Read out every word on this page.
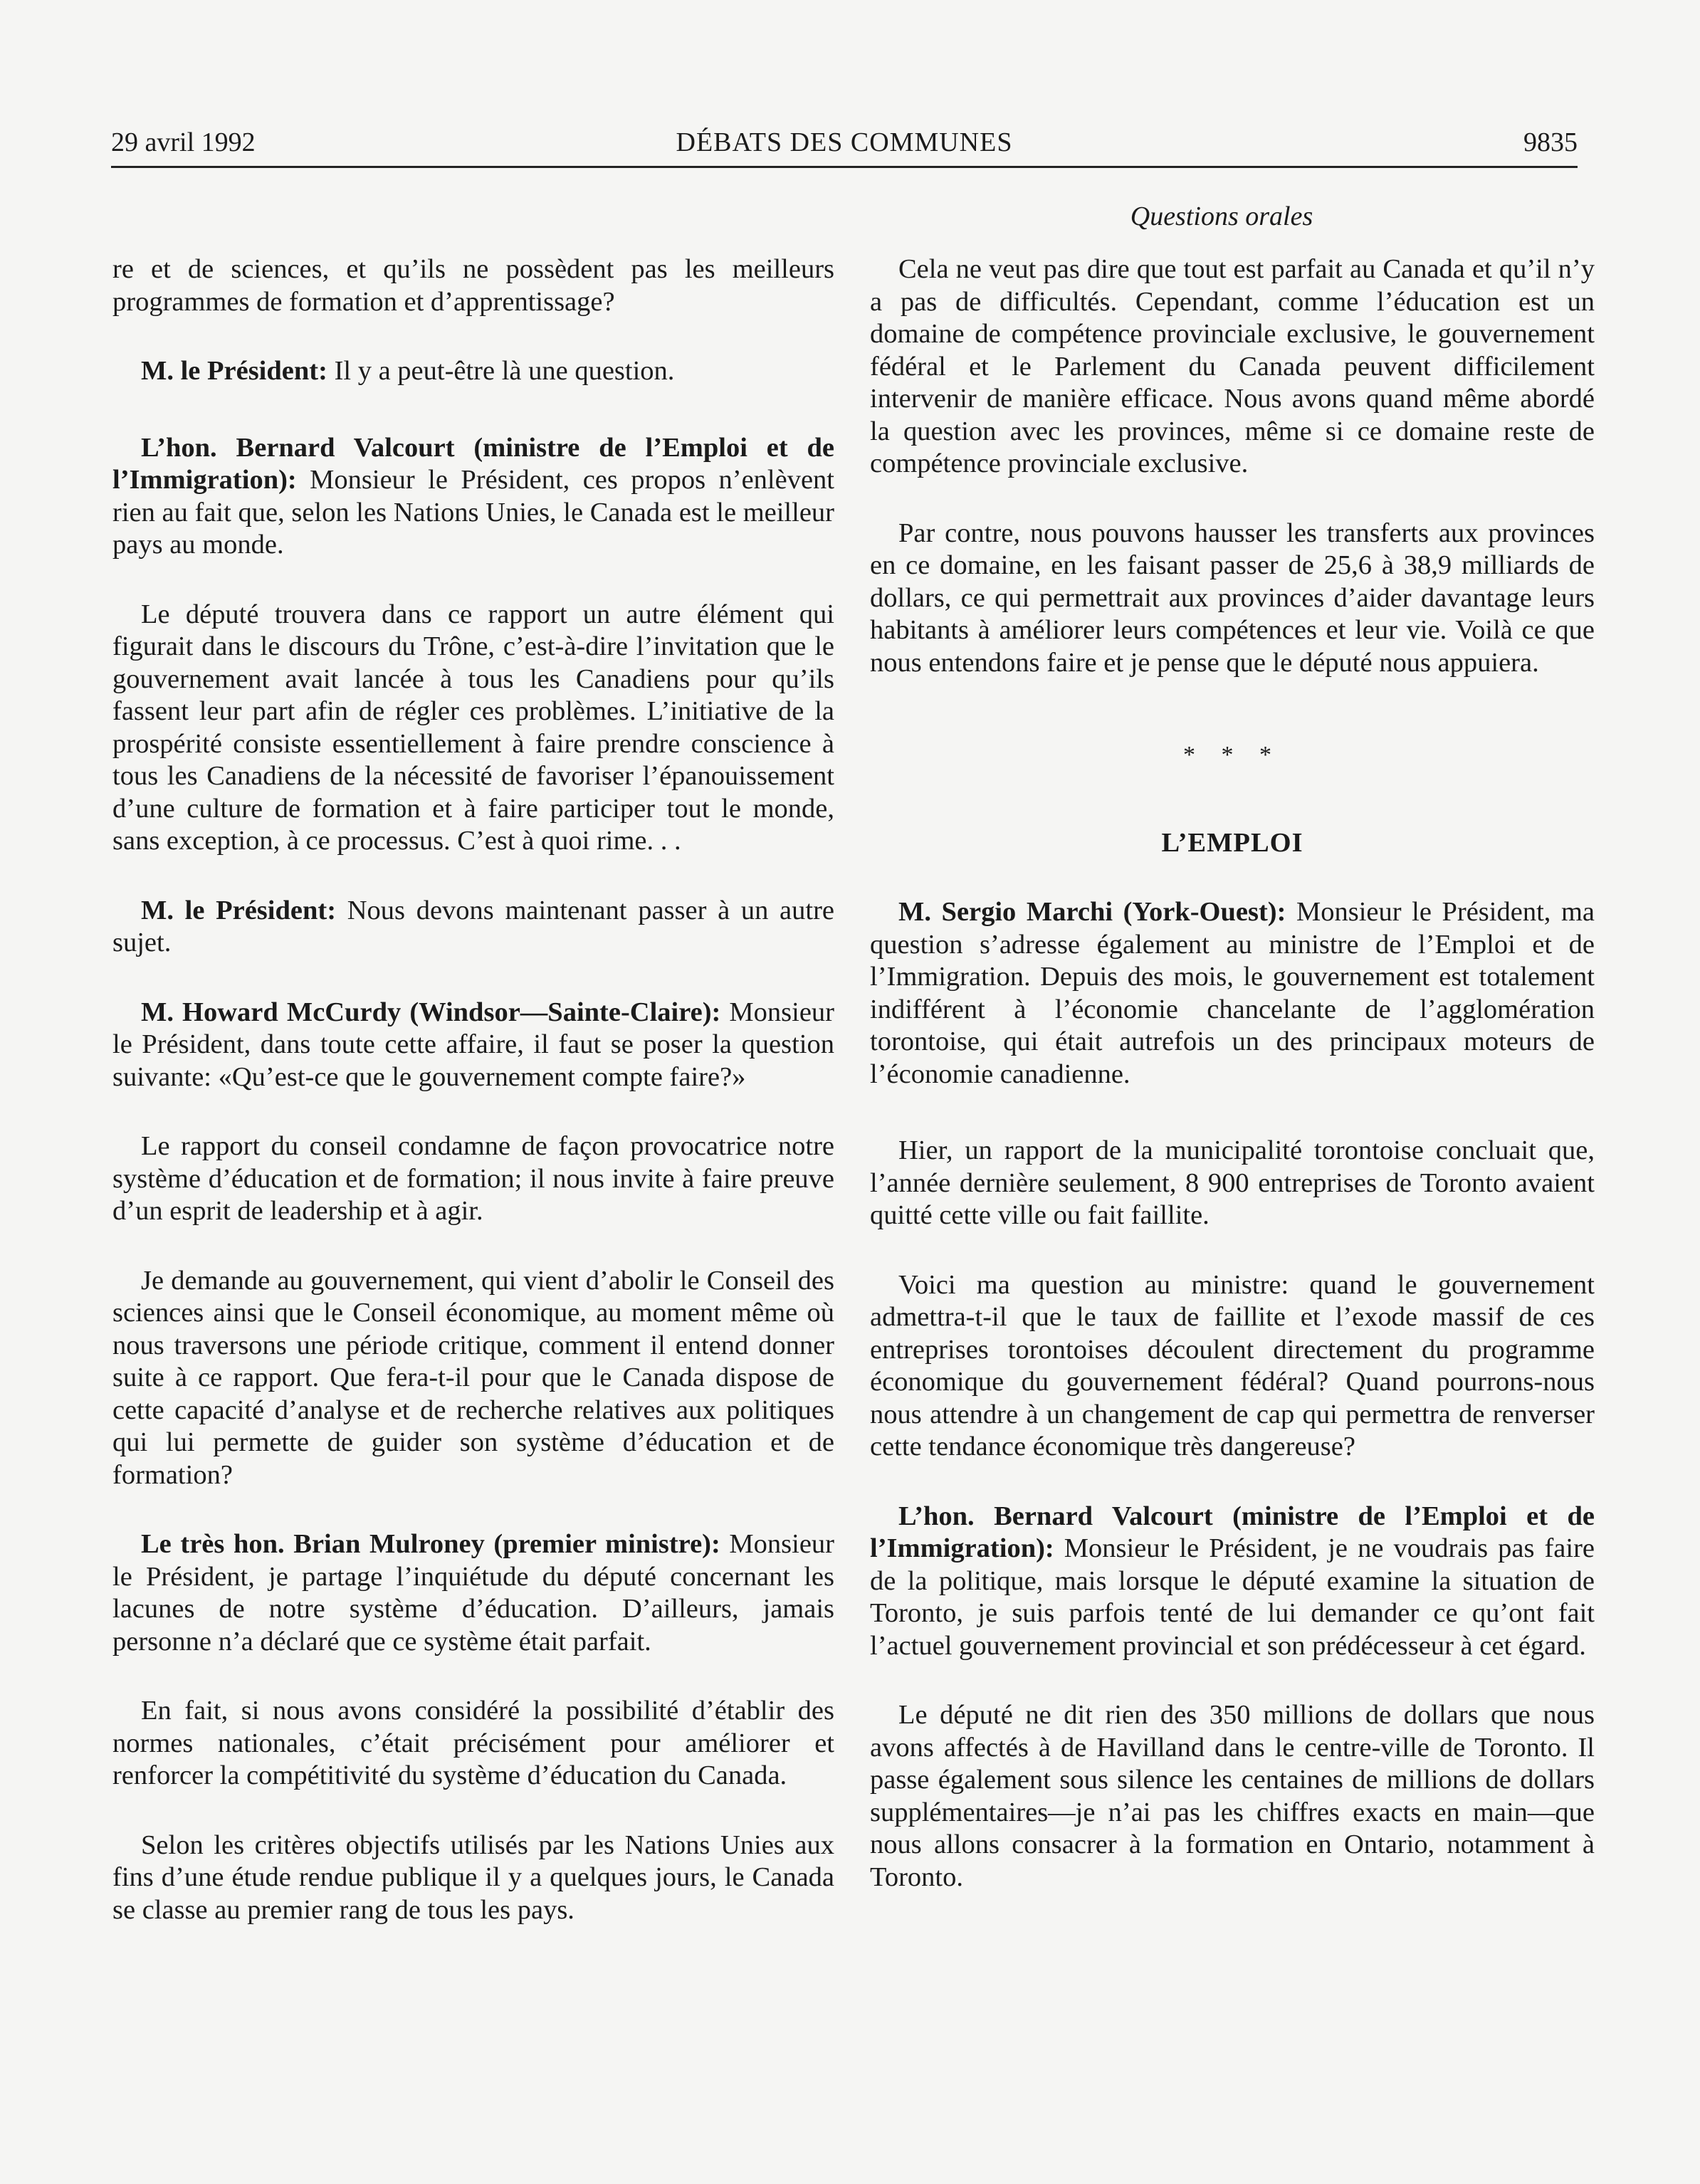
29 avril 1992	DÉBATS DES COMMUNES	9835
Questions orales

re et de sciences, et qu’ils ne possèdent pas les meilleurs programmes de formation et d’apprentissage?

M. le Président: Il y a peut-être là une question.

L’hon. Bernard Valcourt (ministre de l’Emploi et de l’Immigration): Monsieur le Président, ces propos n’enlèvent rien au fait que, selon les Nations Unies, le Canada est le meilleur pays au monde.

Le député trouvera dans ce rapport un autre élément qui figurait dans le discours du Trône, c’est-à-dire l’invitation que le gouvernement avait lancée à tous les Canadiens pour qu’ils fassent leur part afin de régler ces problèmes. L’initiative de la prospérité consiste essentiellement à faire prendre conscience à tous les Canadiens de la nécessité de favoriser l’épanouissement d’une culture de formation et à faire participer tout le monde, sans exception, à ce processus. C’est à quoi rime. . .

M. le Président: Nous devons maintenant passer à un autre sujet.

M. Howard McCurdy (Windsor—Sainte-Claire): Monsieur le Président, dans toute cette affaire, il faut se poser la question suivante: «Qu’est-ce que le gouvernement compte faire?»

Le rapport du conseil condamne de façon provocatrice notre système d’éducation et de formation; il nous invite à faire preuve d’un esprit de leadership et à agir.

Je demande au gouvernement, qui vient d’abolir le Conseil des sciences ainsi que le Conseil économique, au moment même où nous traversons une période critique, comment il entend donner suite à ce rapport. Que fera-t-il pour que le Canada dispose de cette capacité d’analyse et de recherche relatives aux politiques qui lui permette de guider son système d’éducation et de formation?

Le très hon. Brian Mulroney (premier ministre): Monsieur le Président, je partage l’inquiétude du député concernant les lacunes de notre système d’éducation. D’ailleurs, jamais personne n’a déclaré que ce système était parfait.

En fait, si nous avons considéré la possibilité d’établir des normes nationales, c’était précisément pour améliorer et renforcer la compétitivité du système d’éducation du Canada.

Selon les critères objectifs utilisés par les Nations Unies aux fins d’une étude rendue publique il y a quelques jours, le Canada se classe au premier rang de tous les pays.

Cela ne veut pas dire que tout est parfait au Canada et qu’il n’y a pas de difficultés. Cependant, comme l’éducation est un domaine de compétence provinciale exclusive, le gouvernement fédéral et le Parlement du Canada peuvent difficilement intervenir de manière efficace. Nous avons quand même abordé la question avec les provinces, même si ce domaine reste de compétence provinciale exclusive.

Par contre, nous pouvons hausser les transferts aux provinces en ce domaine, en les faisant passer de 25,6 à 38,9 milliards de dollars, ce qui permettrait aux provinces d’aider davantage leurs habitants à améliorer leurs compétences et leur vie. Voilà ce que nous entendons faire et je pense que le député nous appuiera.

* * *

L’EMPLOI

M. Sergio Marchi (York-Ouest): Monsieur le Président, ma question s’adresse également au ministre de l’Emploi et de l’Immigration. Depuis des mois, le gouvernement est totalement indifférent à l’économie chancelante de l’agglomération torontoise, qui était autrefois un des principaux moteurs de l’économie canadienne.

Hier, un rapport de la municipalité torontoise concluait que, l’année dernière seulement, 8 900 entreprises de Toronto avaient quitté cette ville ou fait faillite.

Voici ma question au ministre: quand le gouvernement admettra-t-il que le taux de faillite et l’exode massif de ces entreprises torontoises découlent directement du programme économique du gouvernement fédéral? Quand pourrons-nous nous attendre à un changement de cap qui permettra de renverser cette tendance économique très dangereuse?

L’hon. Bernard Valcourt (ministre de l’Emploi et de l’Immigration): Monsieur le Président, je ne voudrais pas faire de la politique, mais lorsque le député examine la situation de Toronto, je suis parfois tenté de lui demander ce qu’ont fait l’actuel gouvernement provincial et son prédécesseur à cet égard.

Le député ne dit rien des 350 millions de dollars que nous avons affectés à de Havilland dans le centre-ville de Toronto. Il passe également sous silence les centaines de millions de dollars supplémentaires—je n’ai pas les chiffres exacts en main—que nous allons consacrer à la formation en Ontario, notamment à Toronto.
